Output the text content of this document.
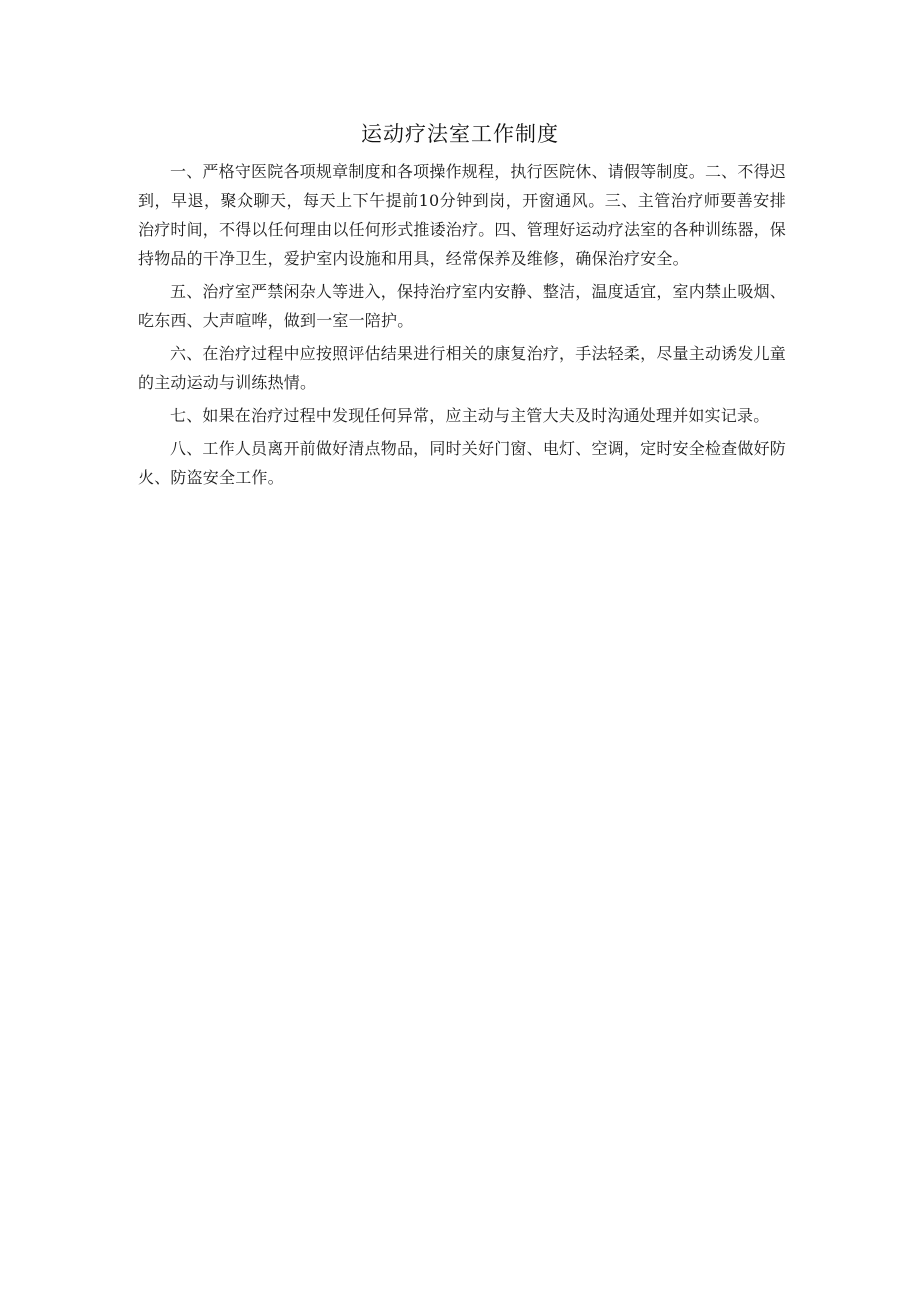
运动疗法室工作制度

一、严格守医院各项规章制度和各项操作规程，执行医院休、请假等制度。二、不得迟到，早退，聚众聊天，每天上下午提前10分钟到岗，开窗通风。三、主管治疗师要善安排治疗时间，不得以任何理由以任何形式推诿治疗。四、管理好运动疗法室的各种训练器，保持物品的干净卫生，爱护室内设施和用具，经常保养及维修，确保治疗安全。

五、治疗室严禁闲杂人等进入，保持治疗室内安静、整洁，温度适宜，室内禁止吸烟、吃东西、大声喧哗，做到一室一陪护。

六、在治疗过程中应按照评估结果进行相关的康复治疗，手法轻柔，尽量主动诱发儿童的主动运动与训练热情。

七、如果在治疗过程中发现任何异常，应主动与主管大夫及时沟通处理并如实记录。

八、工作人员离开前做好清点物品，同时关好门窗、电灯、空调，定时安全检查做好防火、防盗安全工作。
